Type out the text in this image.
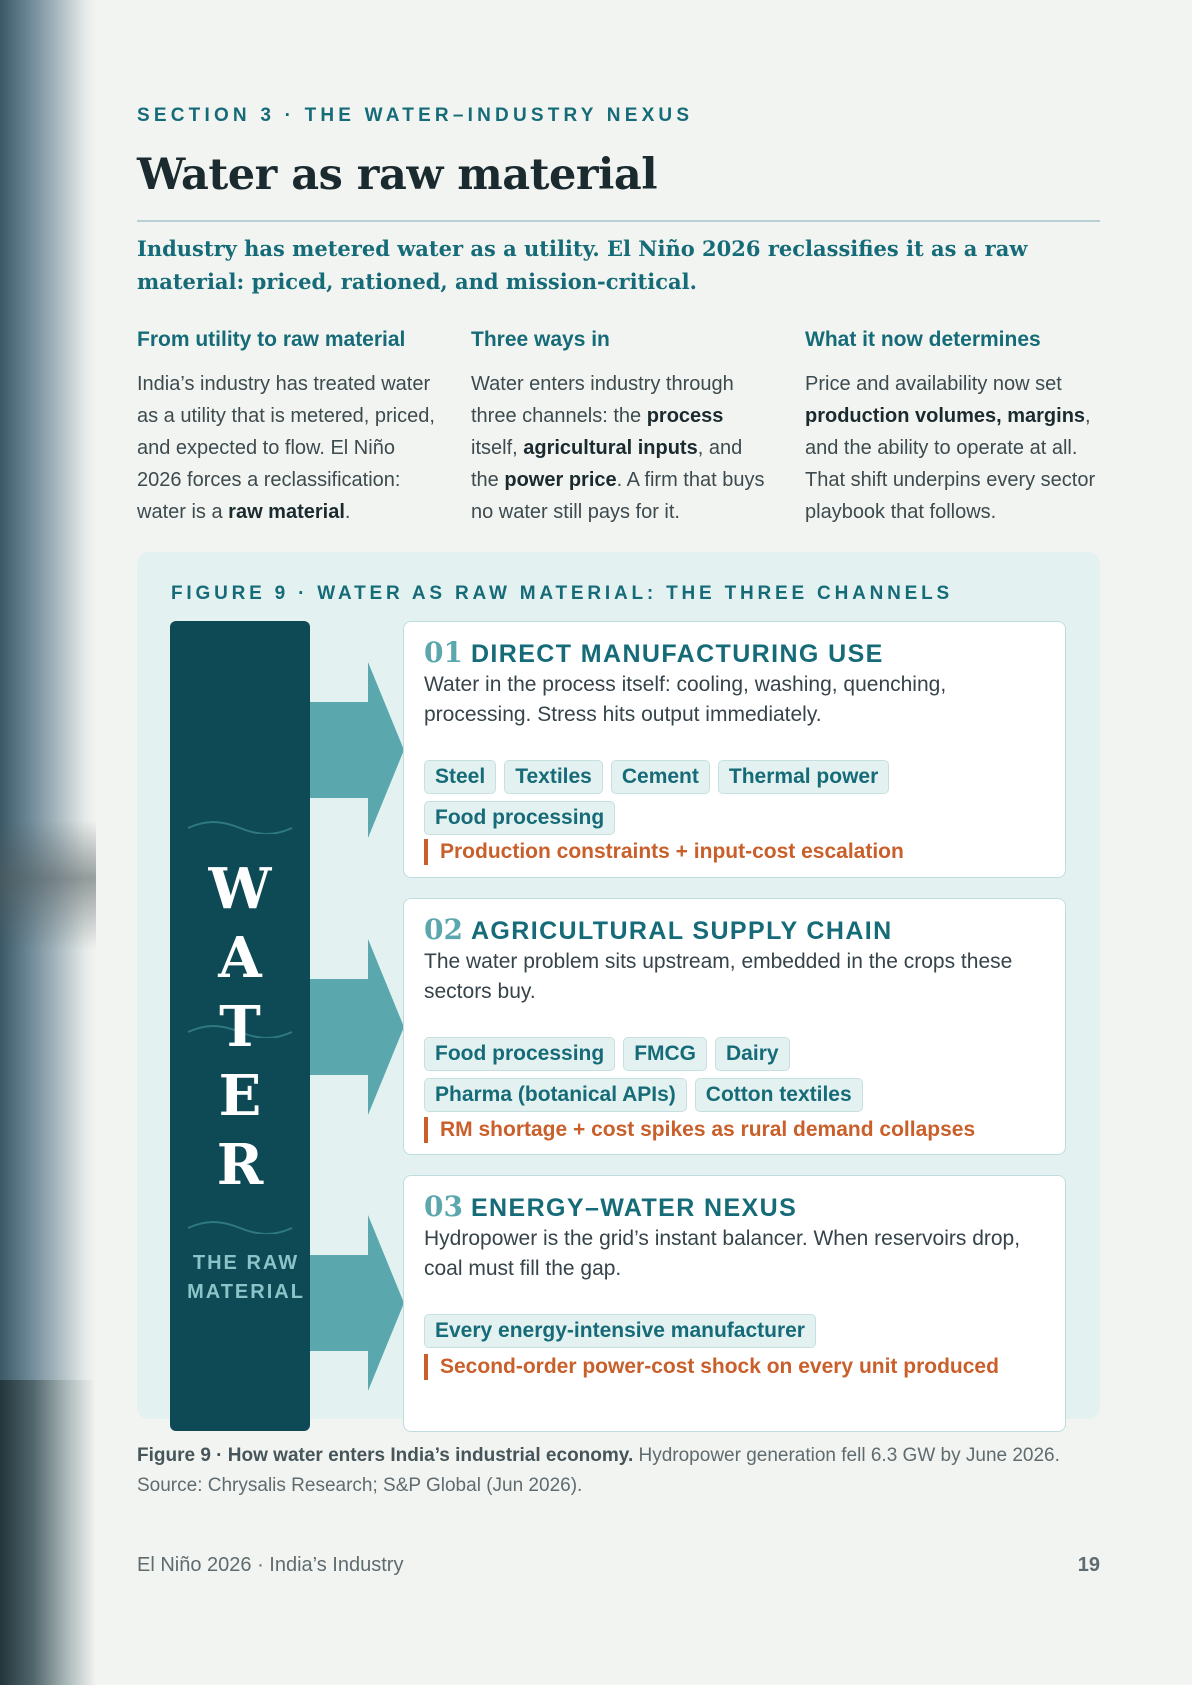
SECTION 3 · THE WATER–INDUSTRY NEXUS
Water as raw material

Industry has metered water as a utility. El Niño 2026 reclassifies it as a raw material: priced, rationed, and mission-critical.

From utility to raw material

India’s industry has treated water as a utility that is metered, priced, and expected to flow. El Niño 2026 forces a reclassification: water is a raw material.

Three ways in

Water enters industry through three channels: the process itself, agricultural inputs, and the power price. A firm that buys no water still pays for it.

What it now determines

Price and availability now set production volumes, margins, and the ability to operate at all. That shift underpins every sector playbook that follows.

FIGURE 9 · WATER AS RAW MATERIAL: THE THREE CHANNELS
W
A
T
E
R
THE RAW
MATERIAL
01 DIRECT MANUFACTURING USE

Water in the process itself: cooling, washing, quenching, processing. Stress hits output immediately.

Steel	Textiles	Cement	Thermal power
Food processing
Production constraints + input-cost escalation
02 AGRICULTURAL SUPPLY CHAIN

The water problem sits upstream, embedded in the crops these sectors buy.

Food processing	FMCG	Dairy
Pharma (botanical APIs)	Cotton textiles
RM shortage + cost spikes as rural demand collapses
03 ENERGY–WATER NEXUS

Hydropower is the grid’s instant balancer. When reservoirs drop, coal must fill the gap.

Every energy-intensive manufacturer
Second-order power-cost shock on every unit produced

Figure 9 · How water enters India’s industrial economy. Hydropower generation fell 6.3 GW by June 2026. Source: Chrysalis Research; S&P Global (Jun 2026).

El Niño 2026 · India’s Industry	19
